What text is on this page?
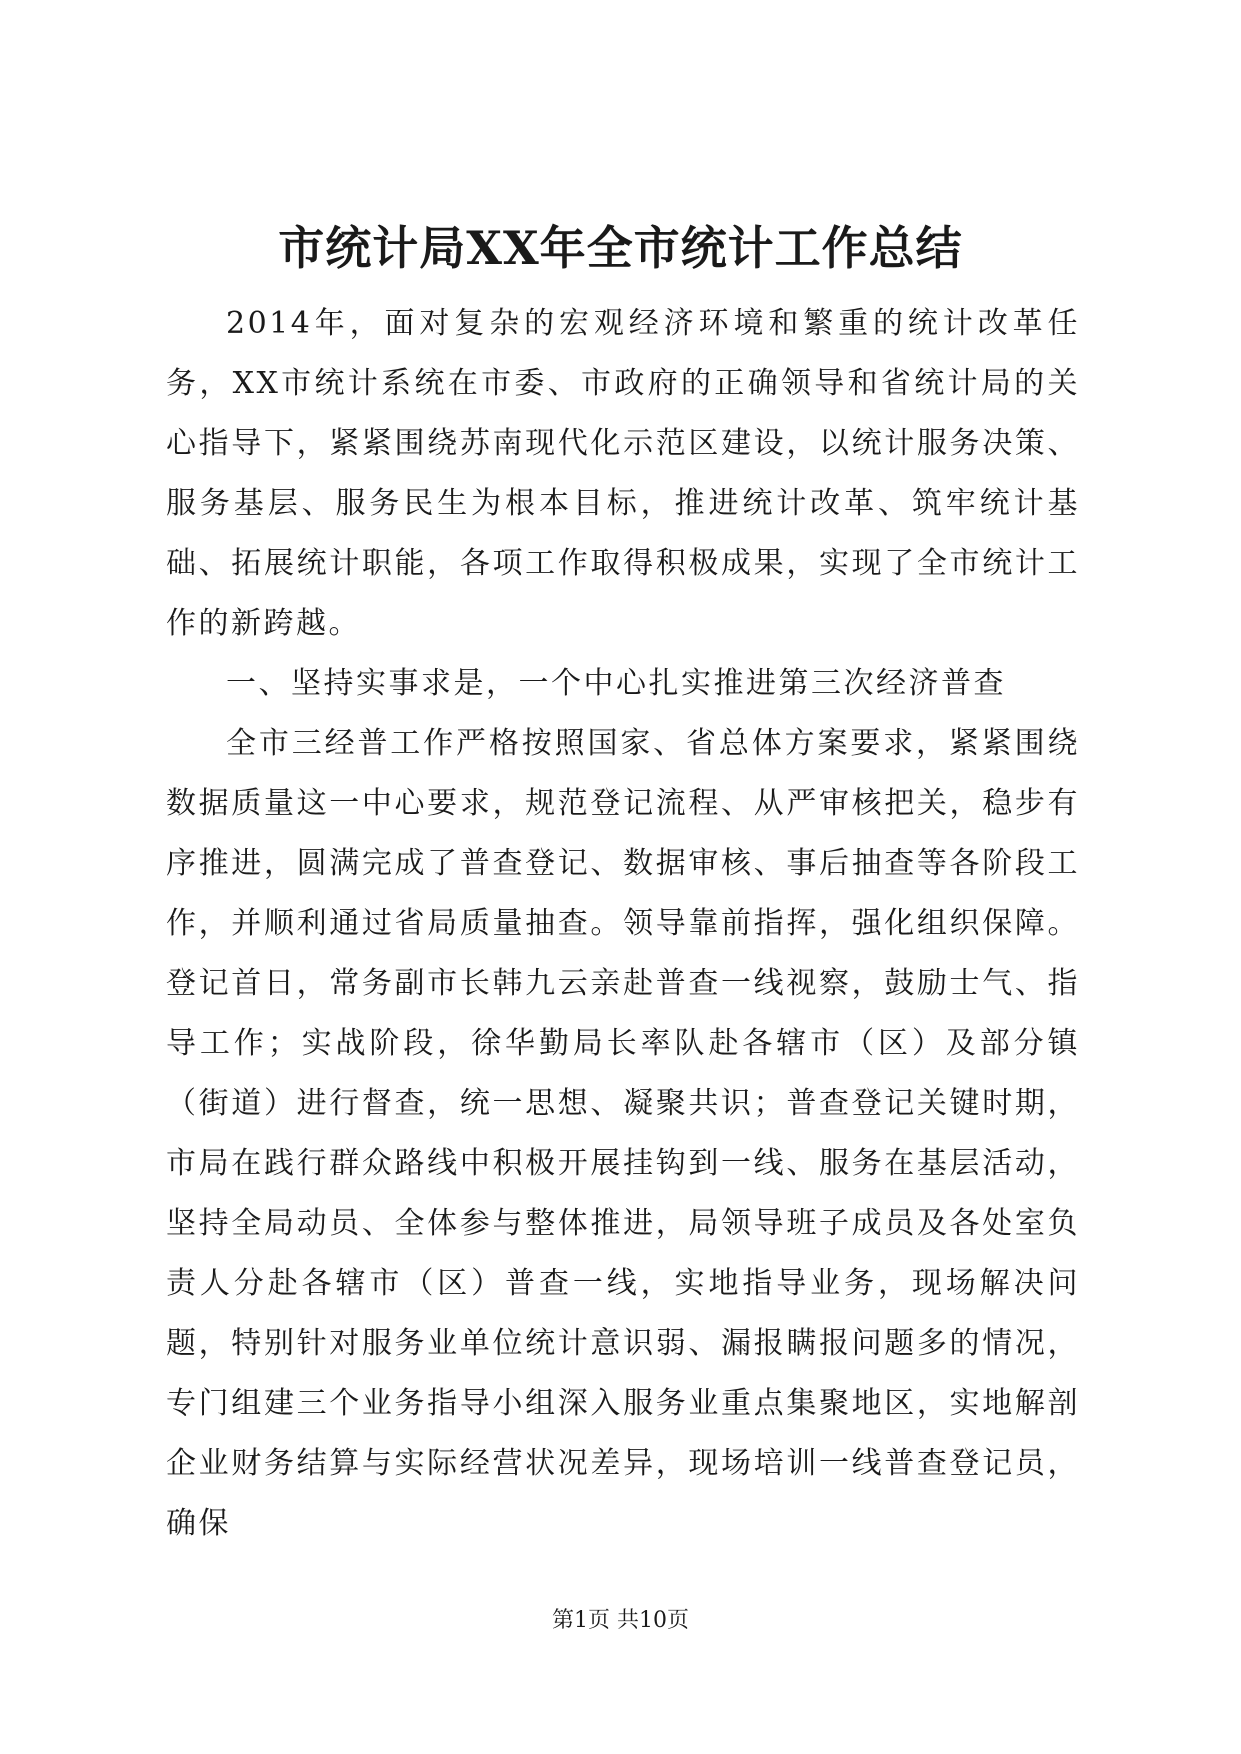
市统计局XX年全市统计工作总结

2014年，面对复杂的宏观经济环境和繁重的统计改革任务，XX市统计系统在市委、市政府的正确领导和省统计局的关心指导下，紧紧围绕苏南现代化示范区建设，以统计服务决策、服务基层、服务民生为根本目标，推进统计改革、筑牢统计基础、拓展统计职能，各项工作取得积极成果，实现了全市统计工作的新跨越。

一、坚持实事求是，一个中心扎实推进第三次经济普查

全市三经普工作严格按照国家、省总体方案要求，紧紧围绕数据质量这一中心要求，规范登记流程、从严审核把关，稳步有序推进，圆满完成了普查登记、数据审核、事后抽查等各阶段工作，并顺利通过省局质量抽查。领导靠前指挥，强化组织保障。登记首日，常务副市长韩九云亲赴普查一线视察，鼓励士气、指导工作；实战阶段，徐华勤局长率队赴各辖市（区）及部分镇（街道）进行督查，统一思想、凝聚共识；普查登记关键时期，市局在践行群众路线中积极开展挂钩到一线、服务在基层活动，坚持全局动员、全体参与整体推进，局领导班子成员及各处室负责人分赴各辖市（区）普查一线，实地指导业务，现场解决问题，特别针对服务业单位统计意识弱、漏报瞒报问题多的情况，专门组建三个业务指导小组深入服务业重点集聚地区，实地解剖企业财务结算与实际经营状况差异，现场培训一线普查登记员，确保

第1页 共10页
